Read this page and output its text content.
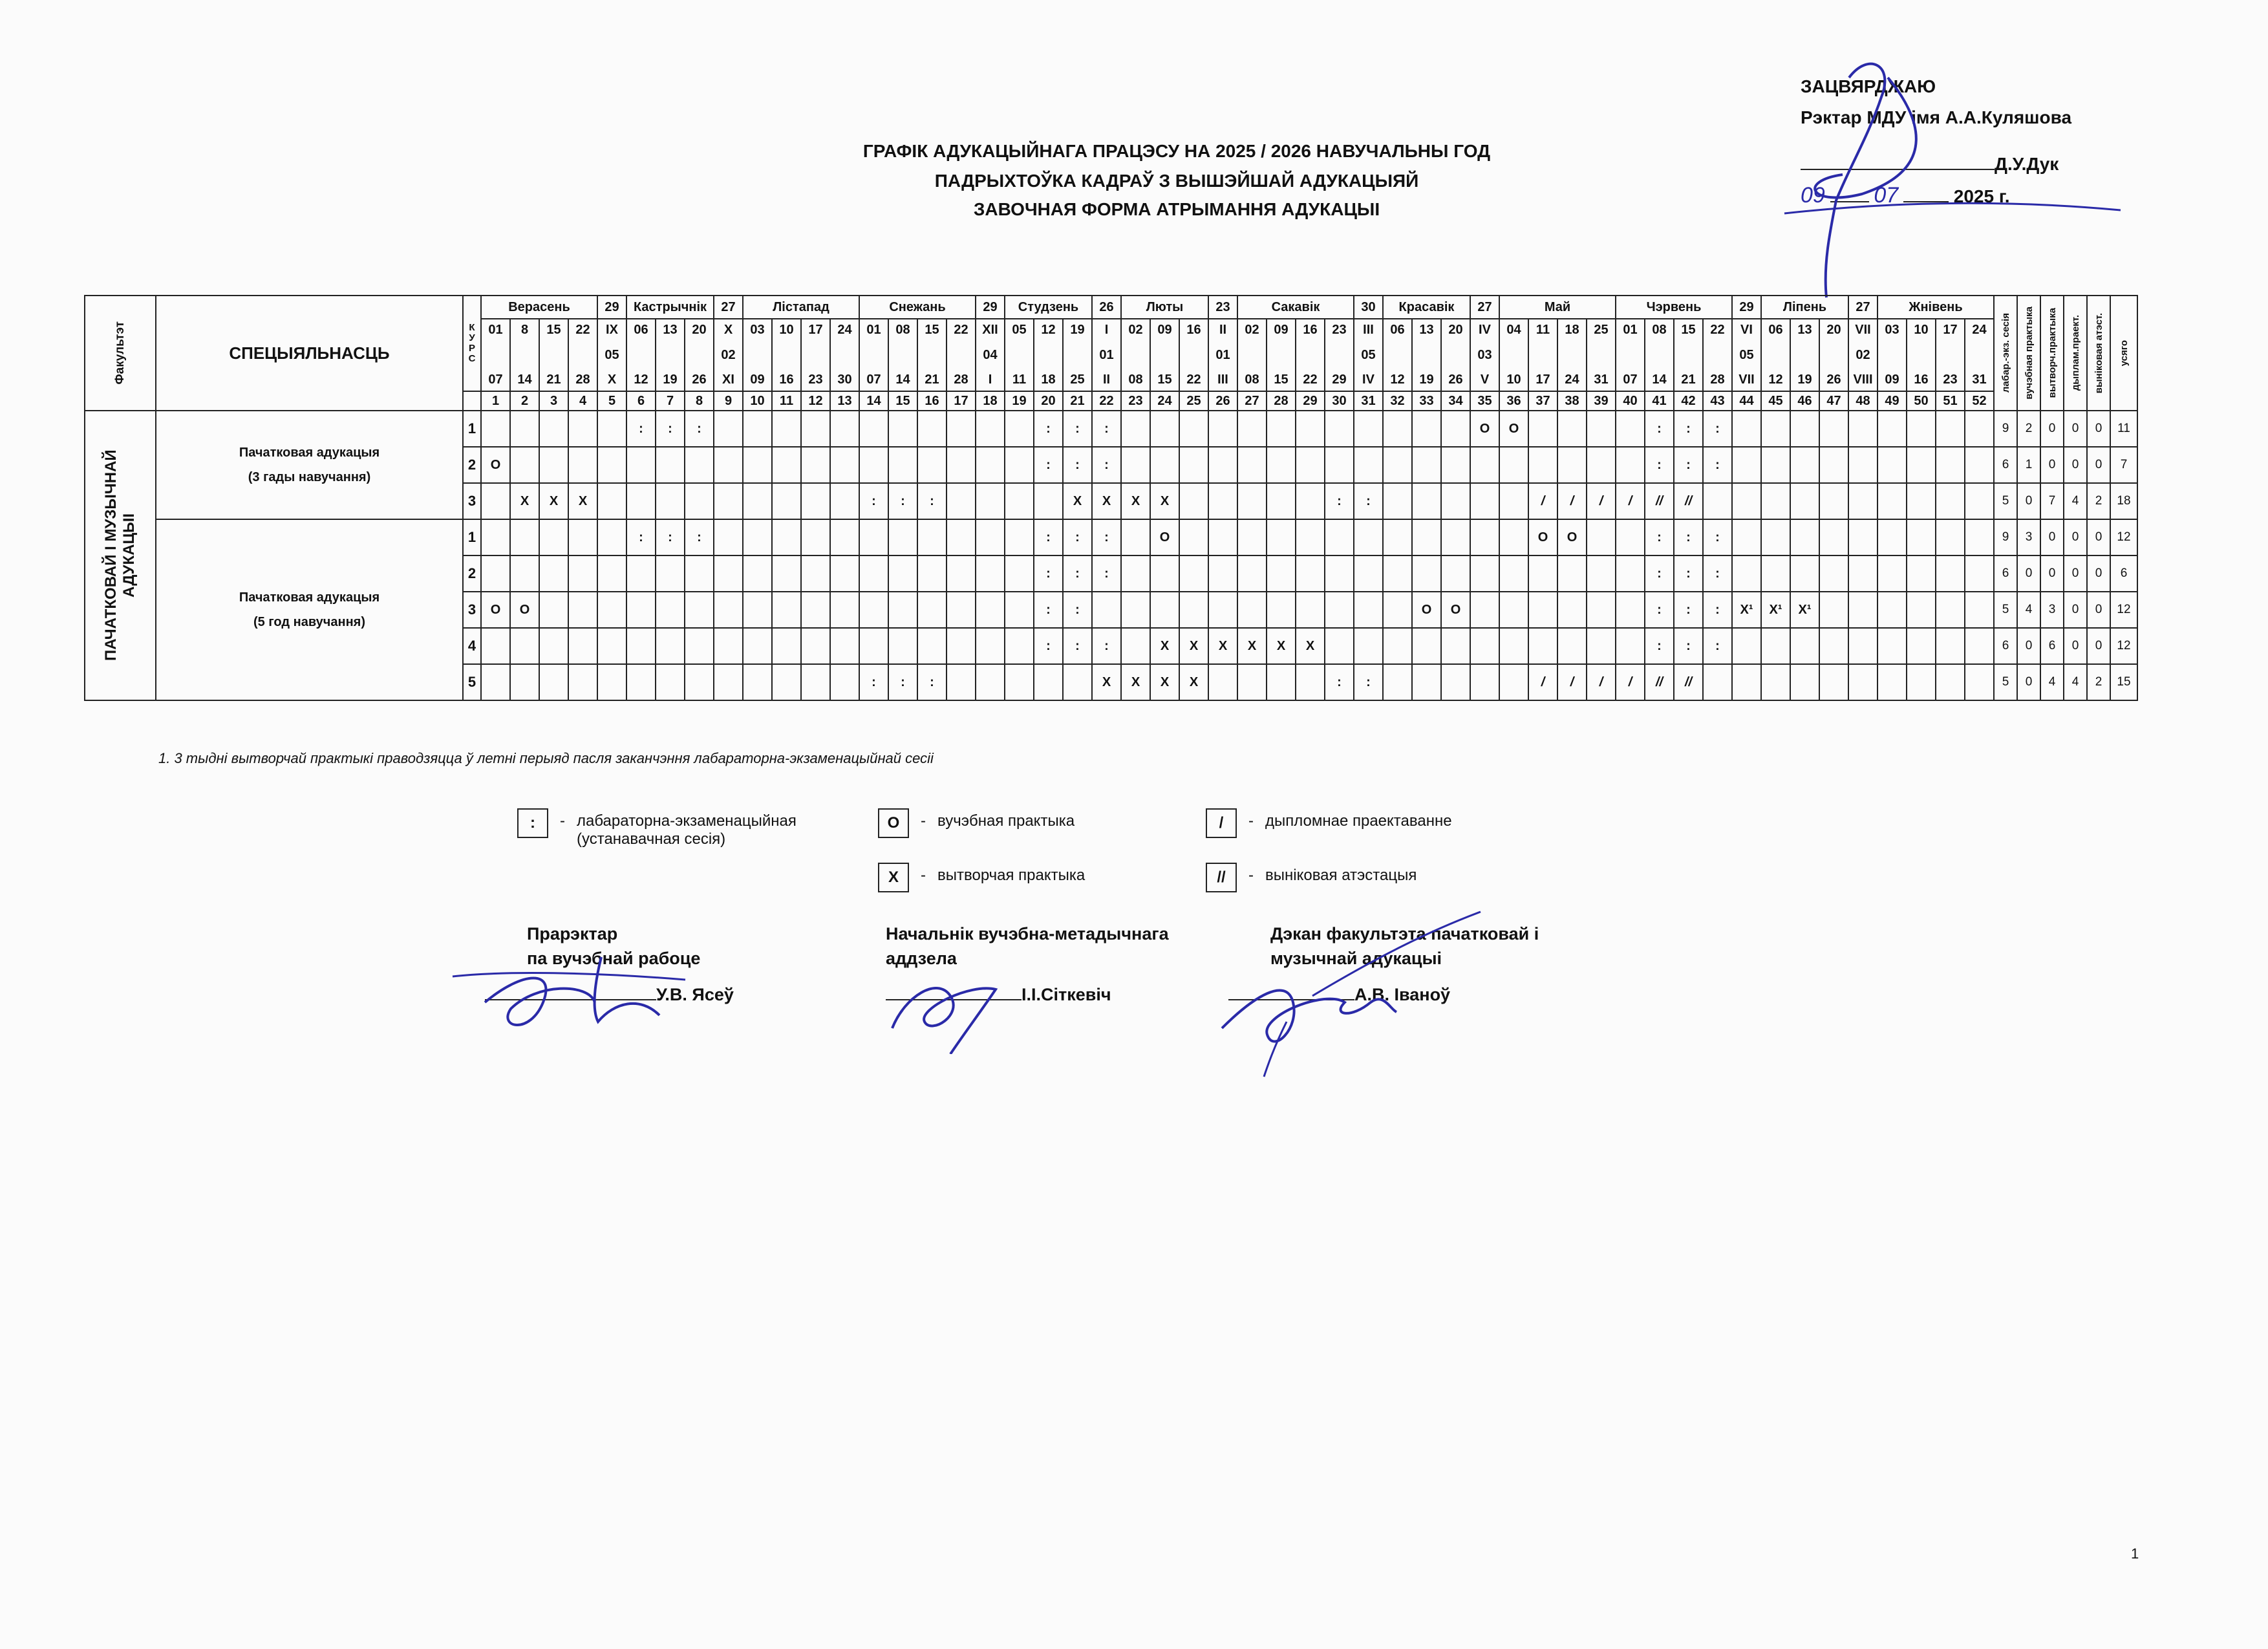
ЗАЦВЯРДЖАЮ
Рэктар МДУ імя А.А.Куляшова
Д.У.Дук
09 07	2025 г.
ГРАФІК АДУКАЦЫЙНАГА ПРАЦЭСУ НА 2025 / 2026 НАВУЧАЛЬНЫ ГОД
ПАДРЫХТОЎКА КАДРАЎ З ВЫШЭЙШАЙ АДУКАЦЫЯЙ
ЗАВОЧНАЯ ФОРМА АТРЫМАННЯ АДУКАЦЫІ
Факультэт	СПЕЦЫЯЛЬНАСЦЬ	К У Р С	Верасень				29	Кастрычнік			27	Лістапад				Снежань				29	Студзень			26	Люты			23	Сакавік				30	Красавік			27	Май				Чэрвень				29	Ліпень			27	Жнівень				лабар.-экз. сесія	вучэбная практыка	вытворч.практыка	дыплам.праект.	выніковая атэст.	усяго

			01	8	15	22	IX	06	13	20	X	03	10	17	24	01	08	15	22	XII	05	12	19	I	02	09	16	II	02	09	16	23	III	06	13	20	IV	04	11	18	25	01	08	15	22	VI	06	13	20	VII	03	10	17	24						
							05				02									04				01				01					05				03									05				02										
			07	14	21	28	X	12	19	26	XI	09	16	23	30	07	14	21	28	I	11	18	25	II	08	15	22	III	08	15	22	29	IV	12	19	26	V	10	17	24	31	07	14	21	28	VII	12	19	26	VIII	09	16	23	31						
			1	2	3	4	5	6	7	8	9	10	11	12	13	14	15	16	17	18	19	20	21	22	23	24	25	26	27	28	29	30	31	32	33	34	35	36	37	38	39	40	41	42	43	44	45	46	47	48	49	50	51	52						

ПАЧАТКОВАЙ І МУЗЫЧНАЙ АДУКАЦЫІ	Пачатковая адукацыя
(3 гады навучання)	1						:	:	:												:	:	:													О	О					:	:	:										9	2	0	0	0	11
		2	О																			:	:	:																			:	:	:										6	1	0	0	0	7
		3		Х	Х	Х										:	:	:					Х	Х	Х	Х						:	:						/	/	/	/	//	//											5	0	7	4	2	18

	Пачатковая адукацыя
(5 год навучання)	1						:	:	:												:	:	:		О													О	О			:	:	:										9	3	0	0	0	12
		2																				:	:	:																			:	:	:										6	0	0	0	0	6
		3	О	О																		:	:												О	О							:	:	:	Х¹	Х¹	Х¹							5	4	3	0	0	12
		4																				:	:	:		Х	Х	Х	Х	Х	Х												:	:	:										6	0	6	0	0	12
		5														:	:	:						Х	Х	Х	Х					:	:						/	/	/	/	//	//											5	0	4	4	2	15
1. 3 тыдні вытворчай практыкі праводзяцца ў летні перыяд пасля заканчэння лабараторна-экзаменацыйнай сесіі
:	- лабараторна-экзаменацыйная
(устанавачная сесія)
О	- вучэбная практыка	/	- дыпломнае праектаванне
Х	- вытворчая практыка	//	- выніковая атэстацыя
Прарэктар
па вучэбнай рабоце
У.В. Ясеў
Начальнік вучэбна-метадычнага
аддзела
І.І.Сіткевіч
Дэкан факультэта пачатковай і
музычнай адукацыі
А.В. Іваноў
1
